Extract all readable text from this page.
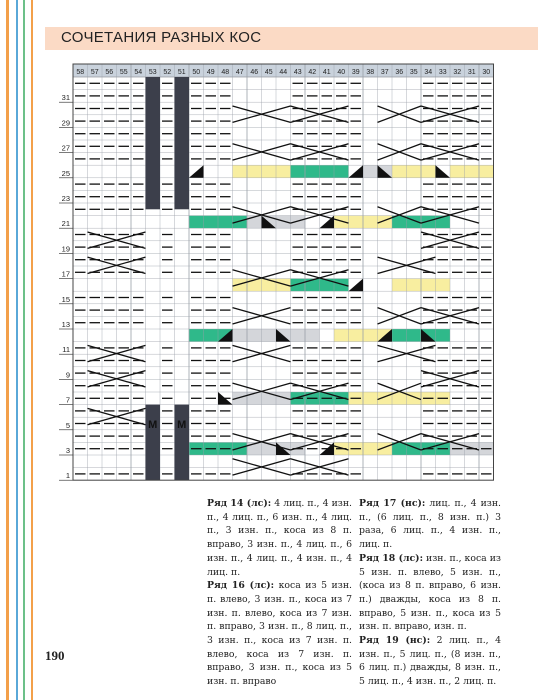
СОЧЕТАНИЯ РАЗНЫХ КОС
58 57 56 55 54 53 52 51 50 49 48 47 46 45 44 43 42 41 40 39 38 37 36 35 34 33 32 31 30
M M
31
29
27
25
23
21
19
17
15
13
11
9
7
5
3
1

Ряд 14 (лс): 4 лиц. п., 4 изн. п., 4 лиц. п., 6 изн. п., 4 лиц. п., 3 изн. п., коса из 8 п. вправо, 3 изн. п., 4 лиц. п., 6 изн. п., 4 лиц. п., 4 изн. п., 4 лиц. п.

Ряд 16 (лс): коса из 5 изн. п. влево, 3 изн. п., коса из 7 изн. п. влево, коса из 7 изн. п. вправо, 3 изн. п., 8 лиц. п., 3 изн. п., коса из 7 изн. п. влево, коса из 7 изн. п. вправо, 3 изн. п., коса из 5 изн. п. вправо

Ряд 17 (нс): лиц. п., 4 изн. п., (6 лиц. п., 8 изн. п.) 3 раза, 6 лиц. п., 4 изн. п., лиц. п.

Ряд 18 (лс): изн. п., коса из 5 изн. п. влево, 5 изн. п., (коса из 8 п. вправо, 6 изн. п.) дважды, коса из 8 п. вправо, 5 изн. п., коса из 5 изн. п. вправо, изн. п.

Ряд 19 (нс): 2 лиц. п., 4 изн. п., 5 лиц. п., (8 изн. п., 6 лиц. п.) дважды, 8 изн. п., 5 лиц. п., 4 изн. п., 2 лиц. п.

190
